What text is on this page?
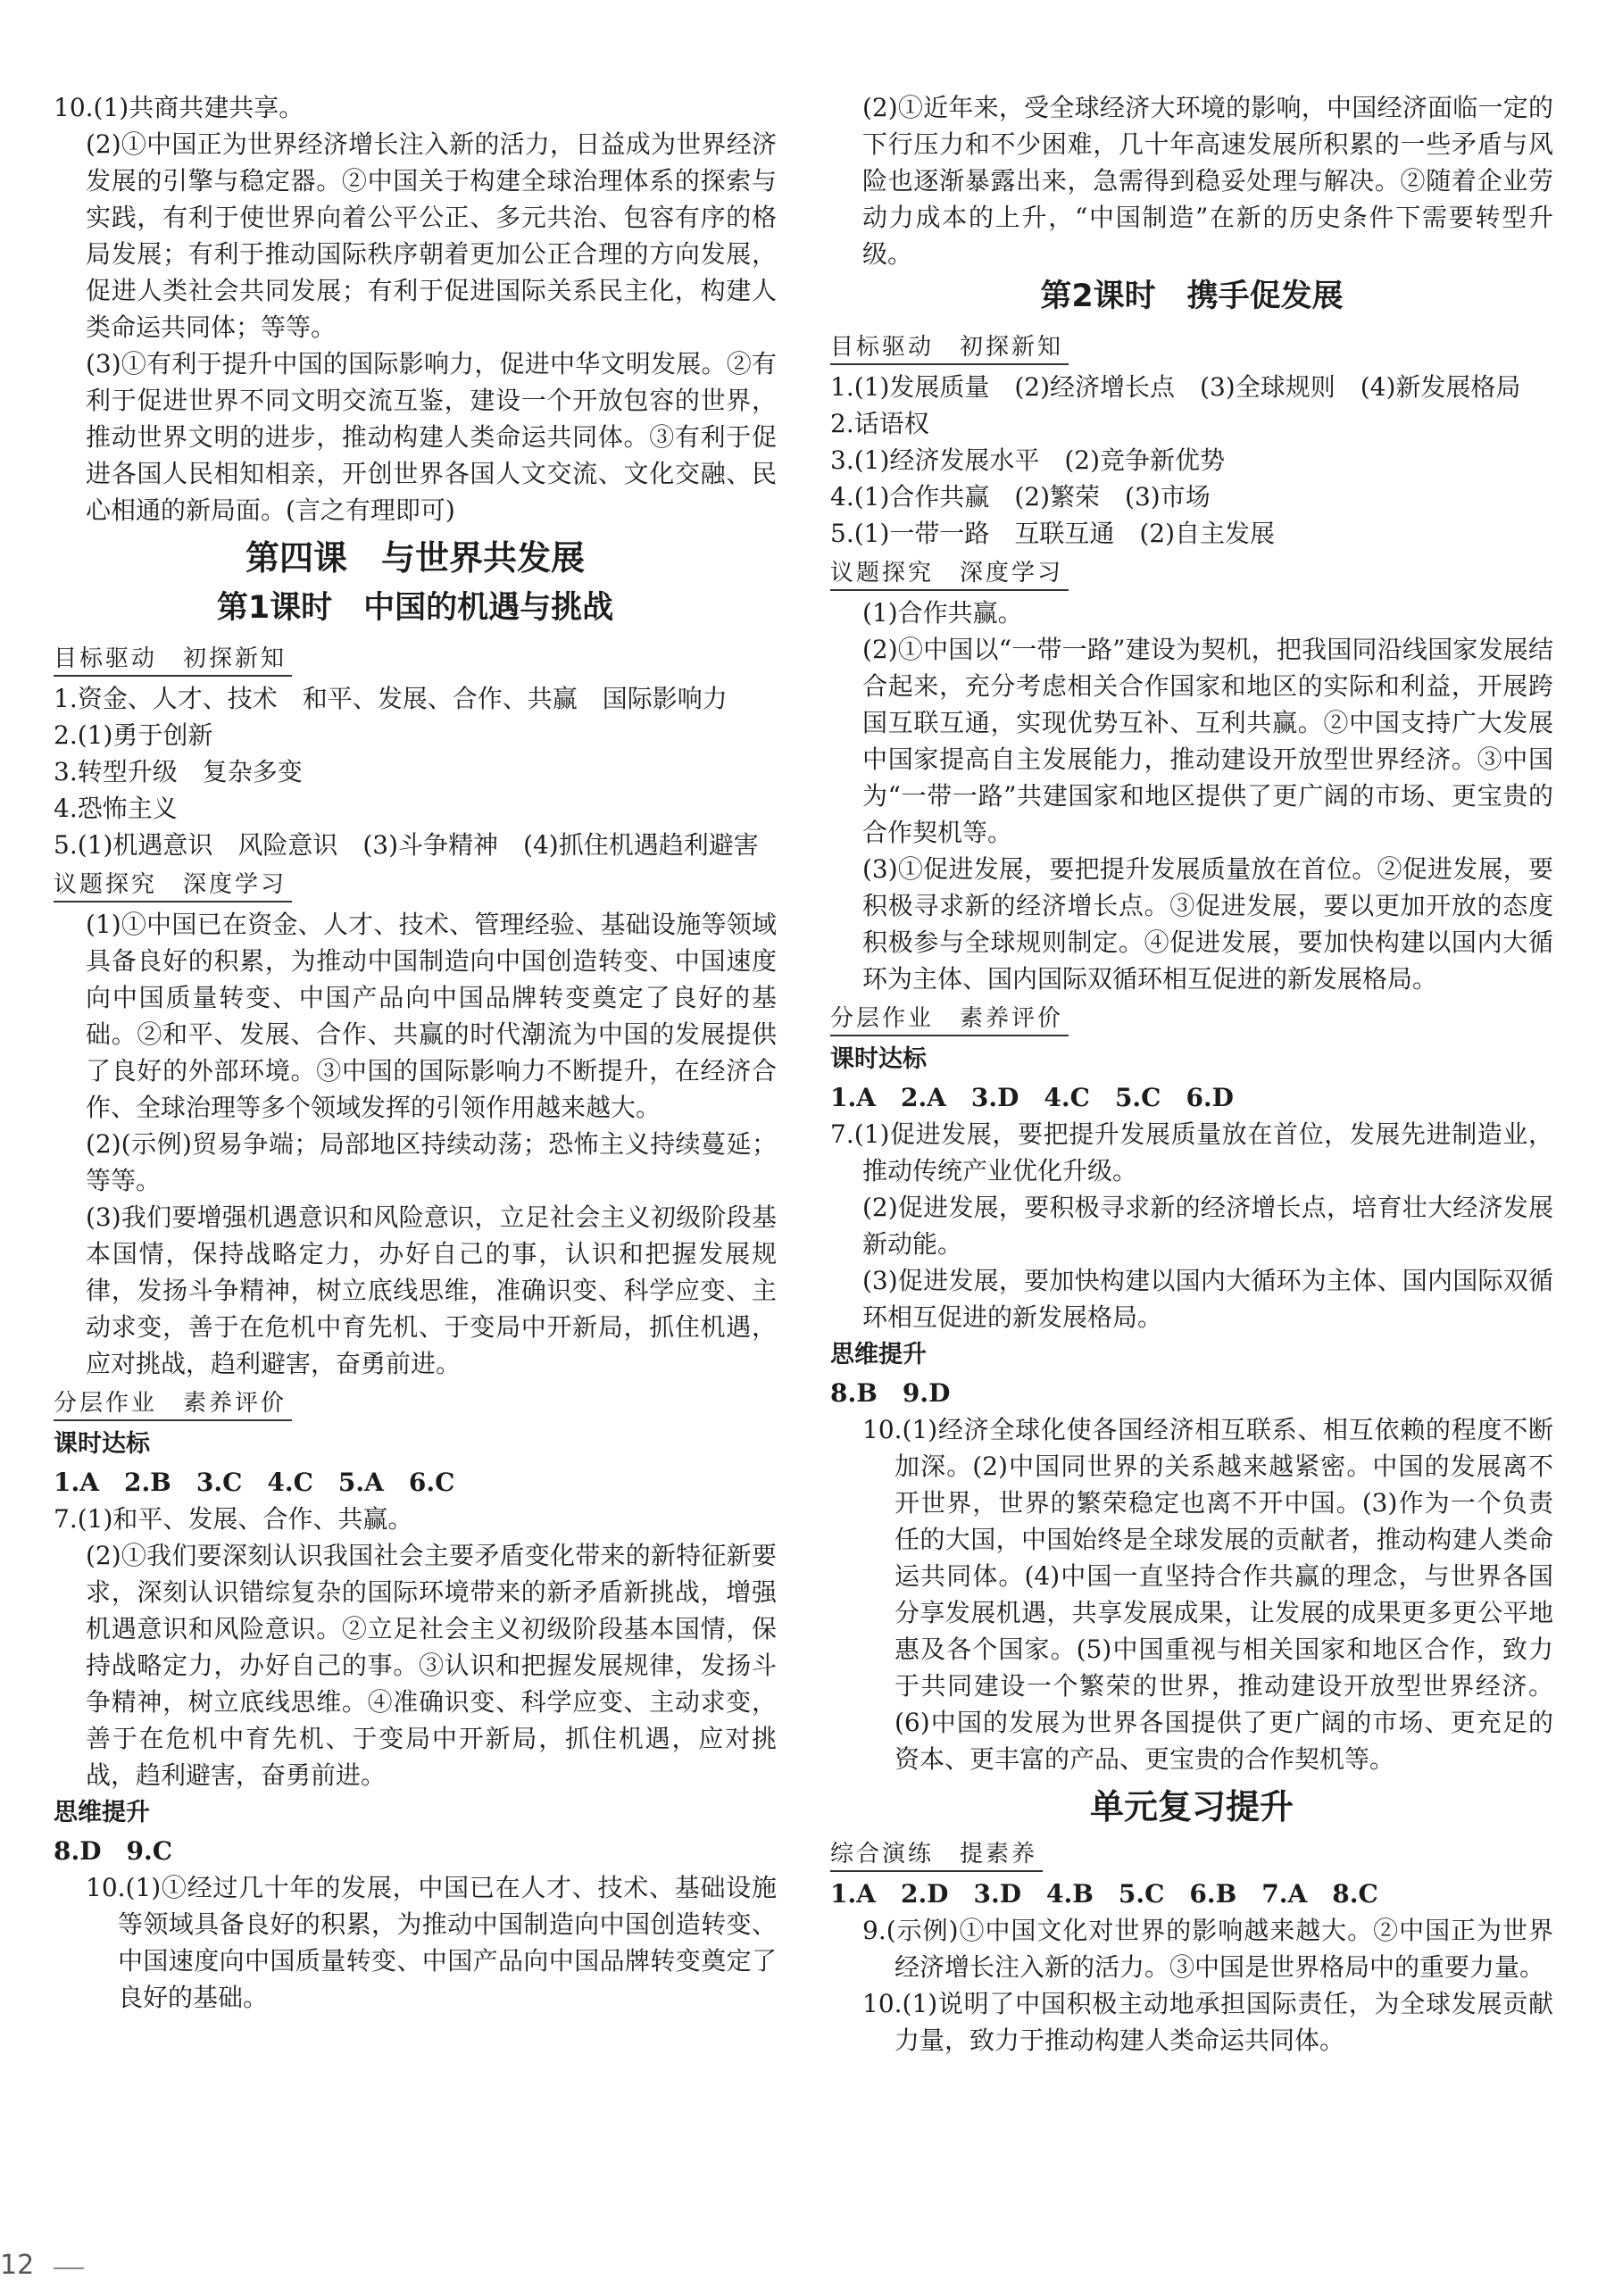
10.(1)共商共建共享。

(2)①中国正为世界经济增长注入新的活力，日益成为世界经济发展的引擎与稳定器。②中国关于构建全球治理体系的探索与实践，有利于使世界向着公平公正、多元共治、包容有序的格局发展；有利于推动国际秩序朝着更加公正合理的方向发展，促进人类社会共同发展；有利于促进国际关系民主化，构建人类命运共同体；等等。

(3)①有利于提升中国的国际影响力，促进中华文明发展。②有利于促进世界不同文明交流互鉴，建设一个开放包容的世界，推动世界文明的进步，推动构建人类命运共同体。③有利于促进各国人民相知相亲，开创世界各国人文交流、文化交融、民心相通的新局面。(言之有理即可)

第四课　与世界共发展
第1课时　中国的机遇与挑战
目标驱动　初探新知

1.资金、人才、技术　和平、发展、合作、共赢　国际影响力

2.(1)勇于创新

3.转型升级　复杂多变

4.恐怖主义

5.(1)机遇意识　风险意识　(3)斗争精神　(4)抓住机遇趋利避害

议题探究　深度学习

(1)①中国已在资金、人才、技术、管理经验、基础设施等领域具备良好的积累，为推动中国制造向中国创造转变、中国速度向中国质量转变、中国产品向中国品牌转变奠定了良好的基础。②和平、发展、合作、共赢的时代潮流为中国的发展提供了良好的外部环境。③中国的国际影响力不断提升，在经济合作、全球治理等多个领域发挥的引领作用越来越大。

(2)(示例)贸易争端；局部地区持续动荡；恐怖主义持续蔓延；等等。

(3)我们要增强机遇意识和风险意识，立足社会主义初级阶段基本国情，保持战略定力，办好自己的事，认识和把握发展规律，发扬斗争精神，树立底线思维，准确识变、科学应变、主动求变，善于在危机中育先机、于变局中开新局，抓住机遇，应对挑战，趋利避害，奋勇前进。

分层作业　素养评价
课时达标

1.A　2.B　3.C　4.C　5.A　6.C

7.(1)和平、发展、合作、共赢。

(2)①我们要深刻认识我国社会主要矛盾变化带来的新特征新要求，深刻认识错综复杂的国际环境带来的新矛盾新挑战，增强机遇意识和风险意识。②立足社会主义初级阶段基本国情，保持战略定力，办好自己的事。③认识和把握发展规律，发扬斗争精神，树立底线思维。④准确识变、科学应变、主动求变，善于在危机中育先机、于变局中开新局，抓住机遇，应对挑战，趋利避害，奋勇前进。

思维提升

8.D　9.C

10.(1)①经过几十年的发展，中国已在人才、技术、基础设施等领域具备良好的积累，为推动中国制造向中国创造转变、中国速度向中国质量转变、中国产品向中国品牌转变奠定了良好的基础。

(2)①近年来，受全球经济大环境的影响，中国经济面临一定的下行压力和不少困难，几十年高速发展所积累的一些矛盾与风险也逐渐暴露出来，急需得到稳妥处理与解决。②随着企业劳动力成本的上升，“中国制造”在新的历史条件下需要转型升级。

第2课时　携手促发展
目标驱动　初探新知

1.(1)发展质量　(2)经济增长点　(3)全球规则　(4)新发展格局

2.话语权

3.(1)经济发展水平　(2)竞争新优势

4.(1)合作共赢　(2)繁荣　(3)市场

5.(1)一带一路　互联互通　(2)自主发展

议题探究　深度学习

(1)合作共赢。

(2)①中国以“一带一路”建设为契机，把我国同沿线国家发展结合起来，充分考虑相关合作国家和地区的实际和利益，开展跨国互联互通，实现优势互补、互利共赢。②中国支持广大发展中国家提高自主发展能力，推动建设开放型世界经济。③中国为“一带一路”共建国家和地区提供了更广阔的市场、更宝贵的合作契机等。

(3)①促进发展，要把提升发展质量放在首位。②促进发展，要积极寻求新的经济增长点。③促进发展，要以更加开放的态度积极参与全球规则制定。④促进发展，要加快构建以国内大循环为主体、国内国际双循环相互促进的新发展格局。

分层作业　素养评价
课时达标

1.A　2.A　3.D　4.C　5.C　6.D

7.(1)促进发展，要把提升发展质量放在首位，发展先进制造业，推动传统产业优化升级。

(2)促进发展，要积极寻求新的经济增长点，培育壮大经济发展新动能。

(3)促进发展，要加快构建以国内大循环为主体、国内国际双循环相互促进的新发展格局。

思维提升

8.B　9.D

10.(1)经济全球化使各国经济相互联系、相互依赖的程度不断加深。(2)中国同世界的关系越来越紧密。中国的发展离不开世界，世界的繁荣稳定也离不开中国。(3)作为一个负责任的大国，中国始终是全球发展的贡献者，推动构建人类命运共同体。(4)中国一直坚持合作共赢的理念，与世界各国分享发展机遇，共享发展成果，让发展的成果更多更公平地惠及各个国家。(5)中国重视与相关国家和地区合作，致力于共同建设一个繁荣的世界，推动建设开放型世界经济。(6)中国的发展为世界各国提供了更广阔的市场、更充足的资本、更丰富的产品、更宝贵的合作契机等。

单元复习提升
综合演练　提素养

1.A　2.D　3.D　4.B　5.C　6.B　7.A　8.C

9.(示例)①中国文化对世界的影响越来越大。②中国正为世界经济增长注入新的活力。③中国是世界格局中的重要力量。

10.(1)说明了中国积极主动地承担国际责任，为全球发展贡献力量，致力于推动构建人类命运共同体。

12
